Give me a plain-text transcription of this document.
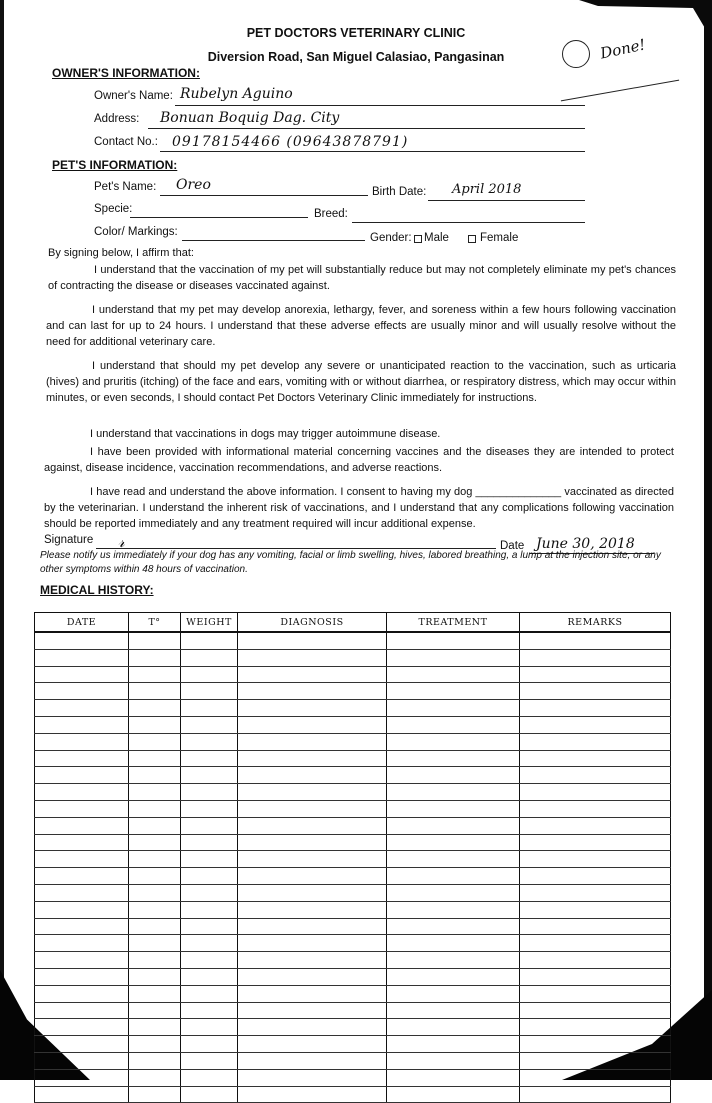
PET DOCTORS VETERINARY CLINIC
Diversion Road, San Miguel Calasiao, Pangasinan	Done!
OWNER'S INFORMATION:
Owner's Name: Rubelyn Aguino
Address: Bonuan Boquig Dag. City
Contact No.: 09178154466 (09643878791)
PET'S INFORMATION:
Pet's Name: Oreo	Birth Date: April 2018
Specie:	Breed:
Color/ Markings:	Gender: Male	Female
By signing below, I affirm that:
I understand that the vaccination of my pet will substantially reduce but may not completely eliminate my pet's chances of contracting the disease or diseases vaccinated against.
I understand that my pet may develop anorexia, lethargy, fever, and soreness within a few hours following vaccination and can last for up to 24 hours. I understand that these adverse effects are usually minor and will usually resolve without the need for additional veterinary care.
I understand that should my pet develop any severe or unanticipated reaction to the vaccination, such as urticaria (hives) and pruritis (itching) of the face and ears, vomiting with or without diarrhea, or respiratory distress, which may occur within minutes, or even seconds, I should contact Pet Doctors Veterinary Clinic immediately for instructions.
I understand that vaccinations in dogs may trigger autoimmune disease.
I have been provided with informational material concerning vaccines and the diseases they are intended to protect against, disease incidence, vaccination recommendations, and adverse reactions.
I have read and understand the above information. I consent to having my dog ______________ vaccinated as directed by the veterinarian. I understand the inherent risk of vaccinations, and I understand that any complications following vaccination should be reported immediately and any treatment required will incur additional expense.
Signature 𝓇	Date June 30, 2018
Please notify us immediately if your dog has any vomiting, facial or limb swelling, hives, labored breathing, a lump at the injection site, or any other symptoms within 48 hours of vaccination.
MEDICAL HISTORY:
DATE	T°	WEIGHT	DIAGNOSIS	TREATMENT	REMARKS
